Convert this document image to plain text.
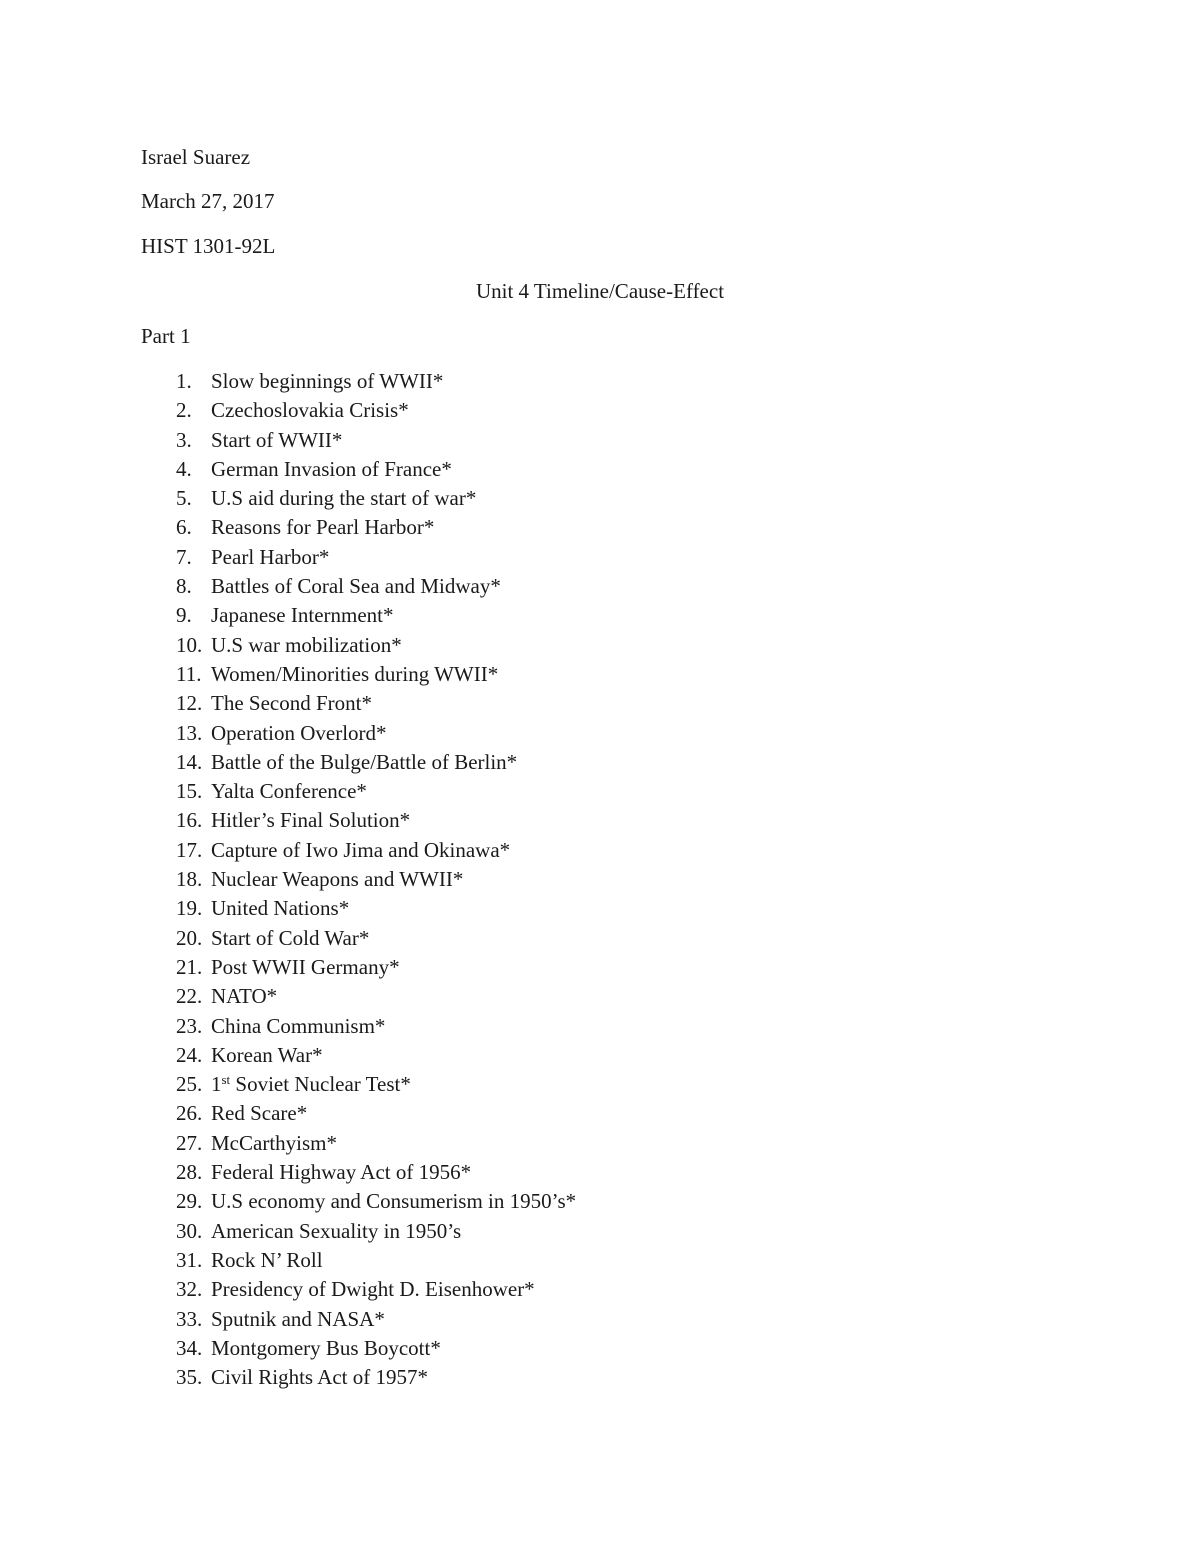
Israel Suarez
March 27, 2017
HIST 1301-92L
Unit 4 Timeline/Cause-Effect
Part 1
1. Slow beginnings of WWII*
2. Czechoslovakia Crisis*
3. Start of WWII*
4. German Invasion of France*
5. U.S aid during the start of war*
6. Reasons for Pearl Harbor*
7. Pearl Harbor*
8. Battles of Coral Sea and Midway*
9. Japanese Internment*
10. U.S war mobilization*
11. Women/Minorities during WWII*
12. The Second Front*
13. Operation Overlord*
14. Battle of the Bulge/Battle of Berlin*
15. Yalta Conference*
16. Hitler’s Final Solution*
17. Capture of Iwo Jima and Okinawa*
18. Nuclear Weapons and WWII*
19. United Nations*
20. Start of Cold War*
21. Post WWII Germany*
22. NATO*
23. China Communism*
24. Korean War*
25. 1st Soviet Nuclear Test*
26. Red Scare*
27. McCarthyism*
28. Federal Highway Act of 1956*
29. U.S economy and Consumerism in 1950’s*
30. American Sexuality in 1950’s
31. Rock N’ Roll
32. Presidency of Dwight D. Eisenhower*
33. Sputnik and NASA*
34. Montgomery Bus Boycott*
35. Civil Rights Act of 1957*
